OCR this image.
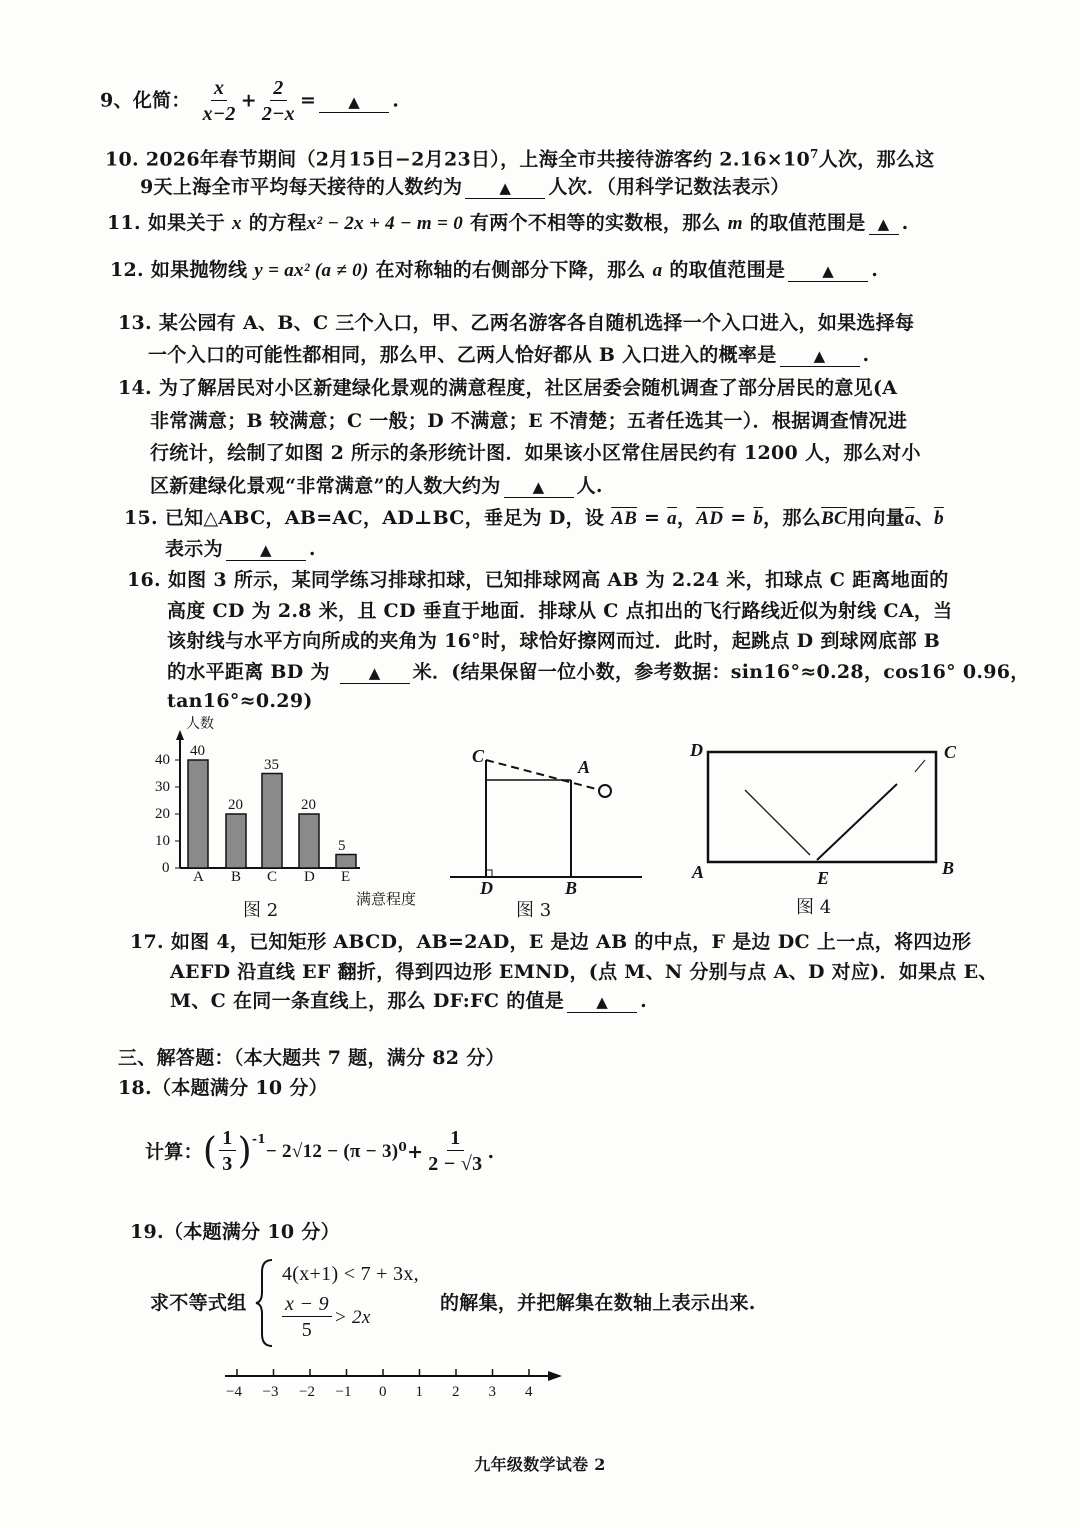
9、化简： $\frac{x}{x-2} + \frac{2}{2-x}$ = ▲ .
10. 2026年春节期间（2月15日−2月23日），上海全市共接待游客约 $2.16\times 10^7$人次，那么这
9天上海全市平均每天接待的人数约为 ▲ 人次．（用科学记数法表示）
11. 如果关于 x 的方程x² − 2x + 4 − m = 0 有两个不相等的实数根，那么 m 的取值范围是 ▲ .
12. 如果抛物线 y = ax² (a ≠ 0) 在对称轴的右侧部分下降，那么 a 的取值范围是 ▲ .
13. 某公园有 A、B、C 三个入口，甲、乙两名游客各自随机选择一个入口进入，如果选择每
一个入口的可能性都相同，那么甲、乙两人恰好都从 B 入口进入的概率是 ▲ .
14. 为了解居民对小区新建绿化景观的满意程度，社区居委会随机调查了部分居民的意见(A
非常满意；B 较满意；C 一般；D 不满意；E 不清楚；五者任选其一）．根据调查情况进
行统计，绘制了如图 2 所示的条形统计图．如果该小区常住居民约有 1200 人，那么对小
区新建绿化景观“非常满意”的人数大约为 ▲ 人.
15. 已知△ABC，AB=AC，AD⊥BC，垂足为 D，设 $\overline{AB} = \overline{a}$，$\overline{AD} = \overline{b}$，那么$\overline{BC}$用向量$\overline{a}$、$\overline{b}$
表示为 ▲ .
16. 如图 3 所示，某同学练习排球扣球，已知排球网高 AB 为 2.24 米，扣球点 C 距离地面的
高度 CD 为 2.8 米，且 CD 垂直于地面．排球从 C 点扣出的飞行路线近似为射线 CA，当
该射线与水平方向所成的夹角为 16°时，球恰好擦网而过．此时，起跳点 D 到球网底部 B
的水平距离 BD 为	▲ 米．(结果保留一位小数，参考数据：sin16°≈0.28，cos16° 0.96，
tan16°≈0.29)
40
A
20
B
35
C
20
D
5
E
0
10
20
30
40
人数
满意程度
图 2	图 3	图 4
C
A
D	B
D	C
A	E	B
17. 如图 4，已知矩形 ABCD，AB=2AD，E 是边 AB 的中点，F 是边 DC 上一点，将四边形
AEFD 沿直线 EF 翻折，得到四边形 EMND，(点 M、N 分别与点 A、D 对应)．如果点 E、
M、C 在同一条直线上，那么 DF:FC 的值是 ▲ .
三、解答题：（本大题共 7 题，满分 82 分）
18.（本题满分 10 分）
计算： ( $\frac{1}{3} )^{-1}$
− $2√12 - (\pi - 3)^0 + \frac{1}{2 - √3}$ .
19.（本题满分 10 分）
求不等式组
4(x+1) < 7 + 3x,
$\frac{x - 9}{5} > 2x$
的解集，并把解集在数轴上表示出来.
−4 −3 −2 −1 0 1 2 3 4
九年级数学试卷 2
